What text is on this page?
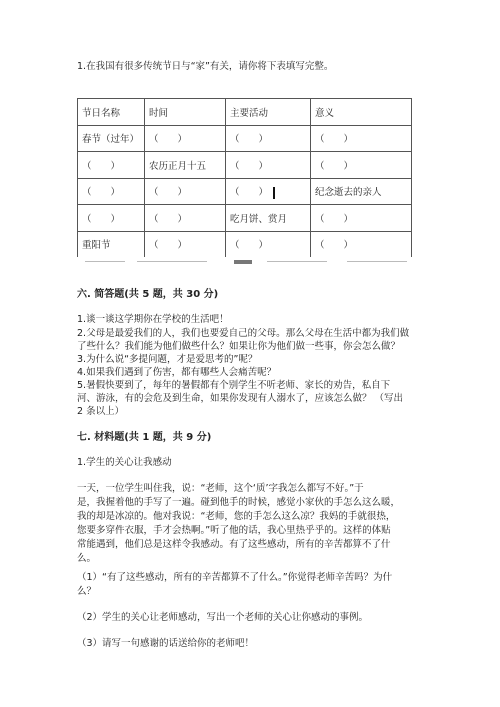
1.在我国有很多传统节日与“家”有关，请你将下表填写完整。
节日名称	时间	主要活动	意义
春节（过年）	（　　）	（　　）	（　　）
（　　）	农历正月十五	（　　）	（　　）
（　　）	（　　）	（　　）	纪念逝去的亲人
（　　）	（　　）	吃月饼、赏月	（　　）
重阳节	（　　）	（　　）	（　　）
六. 简答题(共 5 题，共 30 分)
1.谈一谈这学期你在学校的生活吧！
2.父母是最爱我们的人，我们也要爱自己的父母。那么父母在生活中都为我们做
了些什么？我们能为他们做些什么？如果让你为他们做一些事，你会怎么做？
3.为什么说“多提问题，才是爱思考的”呢？
4.如果我们遇到了伤害，都有哪些人会痛苦呢？
5.暑假快要到了，每年的暑假都有个别学生不听老师、家长的劝告，私自下
河、游泳，有的会危及到生命，如果你发现有人溺水了，应该怎么做？ （写出
2 条以上）
七. 材料题(共 1 题，共 9 分)
1.学生的关心让我感动
一天，一位学生叫住我，说：“老师，这个‘质’字我怎么都写不好。”于
是，我握着他的手写了一遍。碰到他手的时候，感觉小家伙的手怎么这么暖，
我的却是冰凉的。他对我说：“老师，您的手怎么这么凉？我妈的手就很热，
您要多穿件衣服，手才会热啊。”听了他的话，我心里热乎乎的。这样的体贴
常能遇到，他们总是这样令我感动。有了这些感动，所有的辛苦都算不了什
么。
（1）“有了这些感动，所有的辛苦都算不了什么。”你觉得老师辛苦吗？为什
么？
（2）学生的关心让老师感动，写出一个老师的关心让你感动的事例。
（3）请写一句感谢的话送给你的老师吧！
